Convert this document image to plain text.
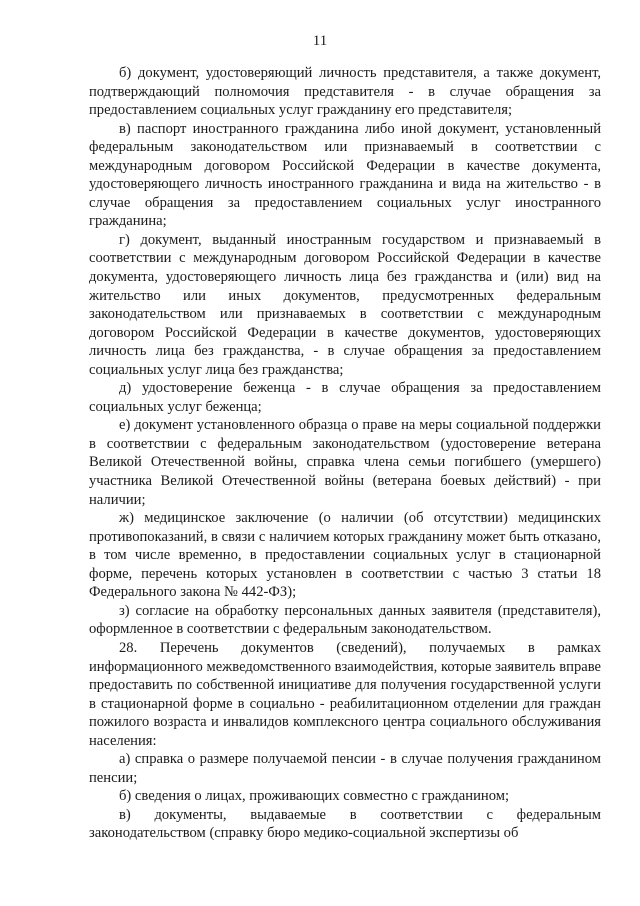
11

б) документ, удостоверяющий личность представителя, а также документ, подтверждающий полномочия представителя - в случае обращения за предоставлением социальных услуг гражданину его представителя;

в) паспорт иностранного гражданина либо иной документ, установленный федеральным законодательством или признаваемый в соответствии с международным договором Российской Федерации в качестве документа, удостоверяющего личность иностранного гражданина и вида на жительство - в случае обращения за предоставлением социальных услуг иностранного гражданина;

г) документ, выданный иностранным государством и признаваемый в соответствии с международным договором Российской Федерации в качестве документа, удостоверяющего личность лица без гражданства и (или) вид на жительство или иных документов, предусмотренных федеральным законодательством или признаваемых в соответствии с международным договором Российской Федерации в качестве документов, удостоверяющих личность лица без гражданства, - в случае обращения за предоставлением социальных услуг лица без гражданства;

д) удостоверение беженца - в случае обращения за предоставлением социальных услуг беженца;

е) документ установленного образца о праве на меры социальной поддержки в соответствии с федеральным законодательством (удостоверение ветерана Великой Отечественной войны, справка члена семьи погибшего (умершего) участника Великой Отечественной войны (ветерана боевых действий) - при наличии;

ж) медицинское заключение (о наличии (об отсутствии) медицинских противопоказаний, в связи с наличием которых гражданину может быть отказано, в том числе временно, в предоставлении социальных услуг в стационарной форме, перечень которых установлен в соответствии с частью 3 статьи 18 Федерального закона № 442-ФЗ);

з) согласие на обработку персональных данных заявителя (представителя), оформленное в соответствии с федеральным законодательством.

28. Перечень документов (сведений), получаемых в рамках информационного межведомственного взаимодействия, которые заявитель вправе предоставить по собственной инициативе для получения государственной услуги в стационарной форме в социально - реабилитационном отделении для граждан пожилого возраста и инвалидов комплексного центра социального обслуживания населения:

а) справка о размере получаемой пенсии - в случае получения гражданином пенсии;

б) сведения о лицах, проживающих совместно с гражданином;

в) документы, выдаваемые в соответствии с федеральным законодательством (справку бюро медико-социальной экспертизы об
